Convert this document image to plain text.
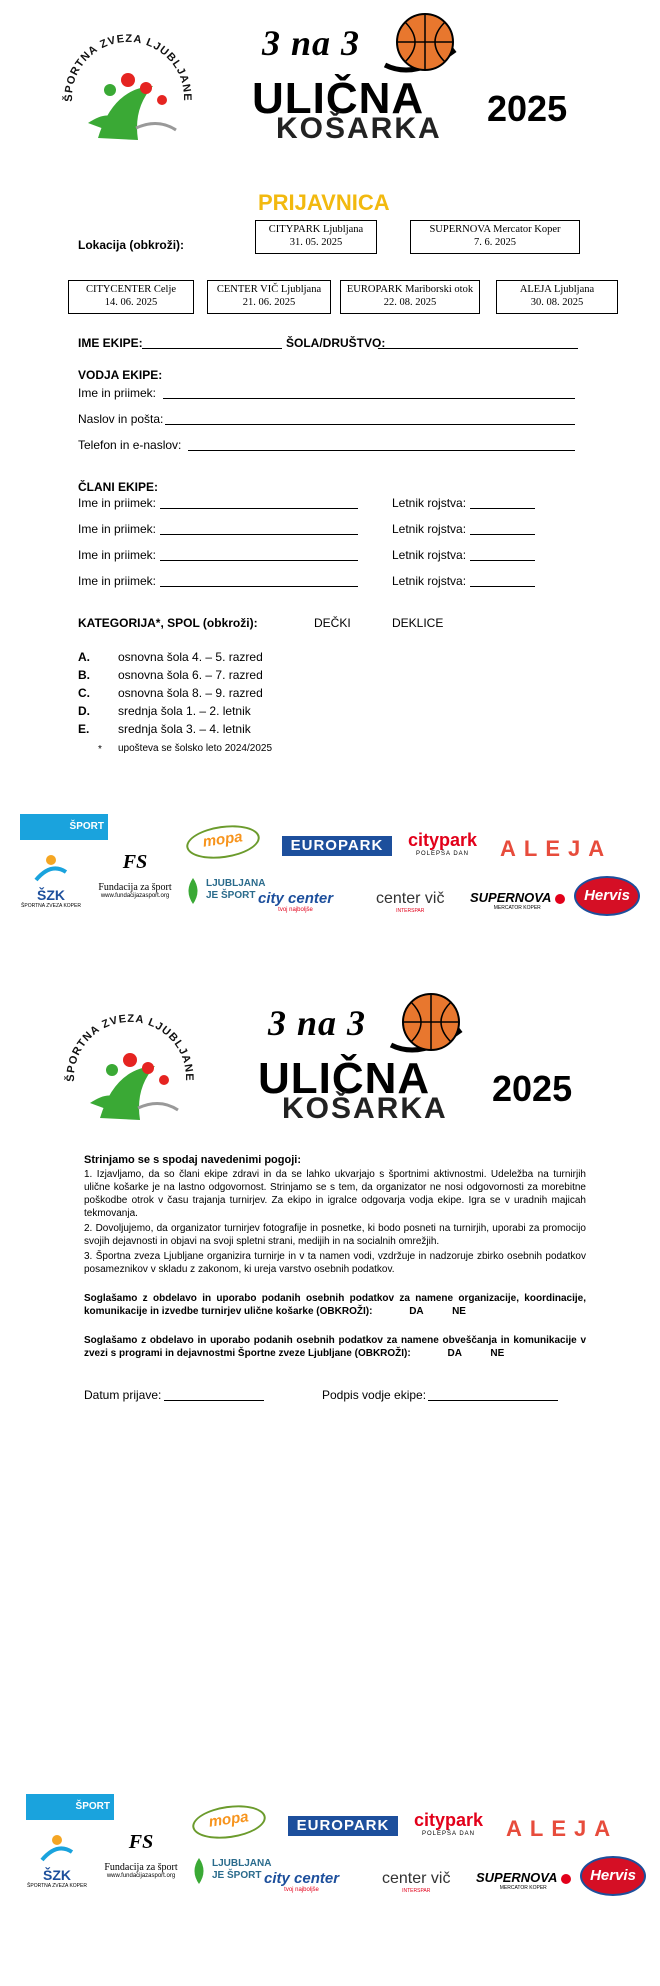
ŠPORTNA ZVEZA LJUBLJANE
3 na 3
ULIČNA
KOŠARKA 2025
PRIJAVNICA
Lokacija (obkroži):
CITYPARK Ljubljana
31. 05. 2025
SUPERNOVA Mercator Koper
7. 6. 2025
CITYCENTER Celje
14. 06. 2025
CENTER VIČ Ljubljana
21. 06. 2025
EUROPARK Mariborski otok
22. 08. 2025
ALEJA Ljubljana
30. 08. 2025
IME EKIPE:	ŠOLA/DRUŠTVO:
VODJA EKIPE:
Ime in priimek:
Naslov in pošta:
Telefon in e-naslov:
ČLANI EKIPE:
Ime in priimek:	Letnik rojstva:
Ime in priimek:	Letnik rojstva:
Ime in priimek:	Letnik rojstva:
Ime in priimek:	Letnik rojstva:
KATEGORIJA*, SPOL (obkroži):	DEČKI	DEKLICE
A. osnovna šola 4. – 5. razred
B. osnovna šola 6. – 7. razred
C. osnovna šola 8. – 9. razred
D. srednja šola 1. – 2. letnik
E. srednja šola 3. – 4. letnik
* upošteva se šolsko leto 2024/2025
ŠPORT MARIBOR
mopa	EUROPARK	citypark
POLEPŠA DAN	ALEJA
ŠZK
ŠPORTNA ZVEZA KOPER
FS
Fundacija za šport
www.fundacijazasport.org
LJUBLJANA
JE ŠPORT city center
tvoj najboljše
center vič
INTERSPAR
SUPERNOVA
MERCATOR KOPER
Hervis
ŠPORTNA ZVEZA LJUBLJANE
3 na 3
ULIČNA
KOŠARKA 2025
Strinjamo se s spodaj navedenimi pogoji:
1. Izjavljamo, da so člani ekipe zdravi in da se lahko ukvarjajo s športnimi aktivnostmi. Udeležba na turnirjih ulične košarke je na lastno odgovornost. Strinjamo se s tem, da organizator ne nosi odgovornosti za morebitne poškodbe otrok v času trajanja turnirjev. Za ekipo in igralce odgovarja vodja ekipe. Igra se v uradnih majicah tekmovanja.
2. Dovoljujemo, da organizator turnirjev fotografije in posnetke, ki bodo posneti na turnirjih, uporabi za promocijo svojih dejavnosti in objavi na svoji spletni strani, medijih in na socialnih omrežjih.
3. Športna zveza Ljubljane organizira turnirje in v ta namen vodi, vzdržuje in nadzoruje zbirko osebnih podatkov posameznikov v skladu z zakonom, ki ureja varstvo osebnih podatkov.
Soglašamo z obdelavo in uporabo podanih osebnih podatkov za namene organizacije, koordinacije, komunikacije in izvedbe turnirjev ulične košarke (OBKROŽI):	DA	NE
Soglašamo z obdelavo in uporabo podanih osebnih podatkov za namene obveščanja in komunikacije v zvezi s programi in dejavnostmi Športne zveze Ljubljane (OBKROŽI):	DA	NE
Datum prijave:	Podpis vodje ekipe:
ŠPORT MARIBOR
mopa	EUROPARK	citypark
POLEPŠA DAN	ALEJA
ŠZK
ŠPORTNA ZVEZA KOPER
FS
Fundacija za šport
www.fundacijazasport.org
LJUBLJANA
JE ŠPORT city center
tvoj najboljše
center vič
INTERSPAR
SUPERNOVA
MERCATOR KOPER
Hervis
